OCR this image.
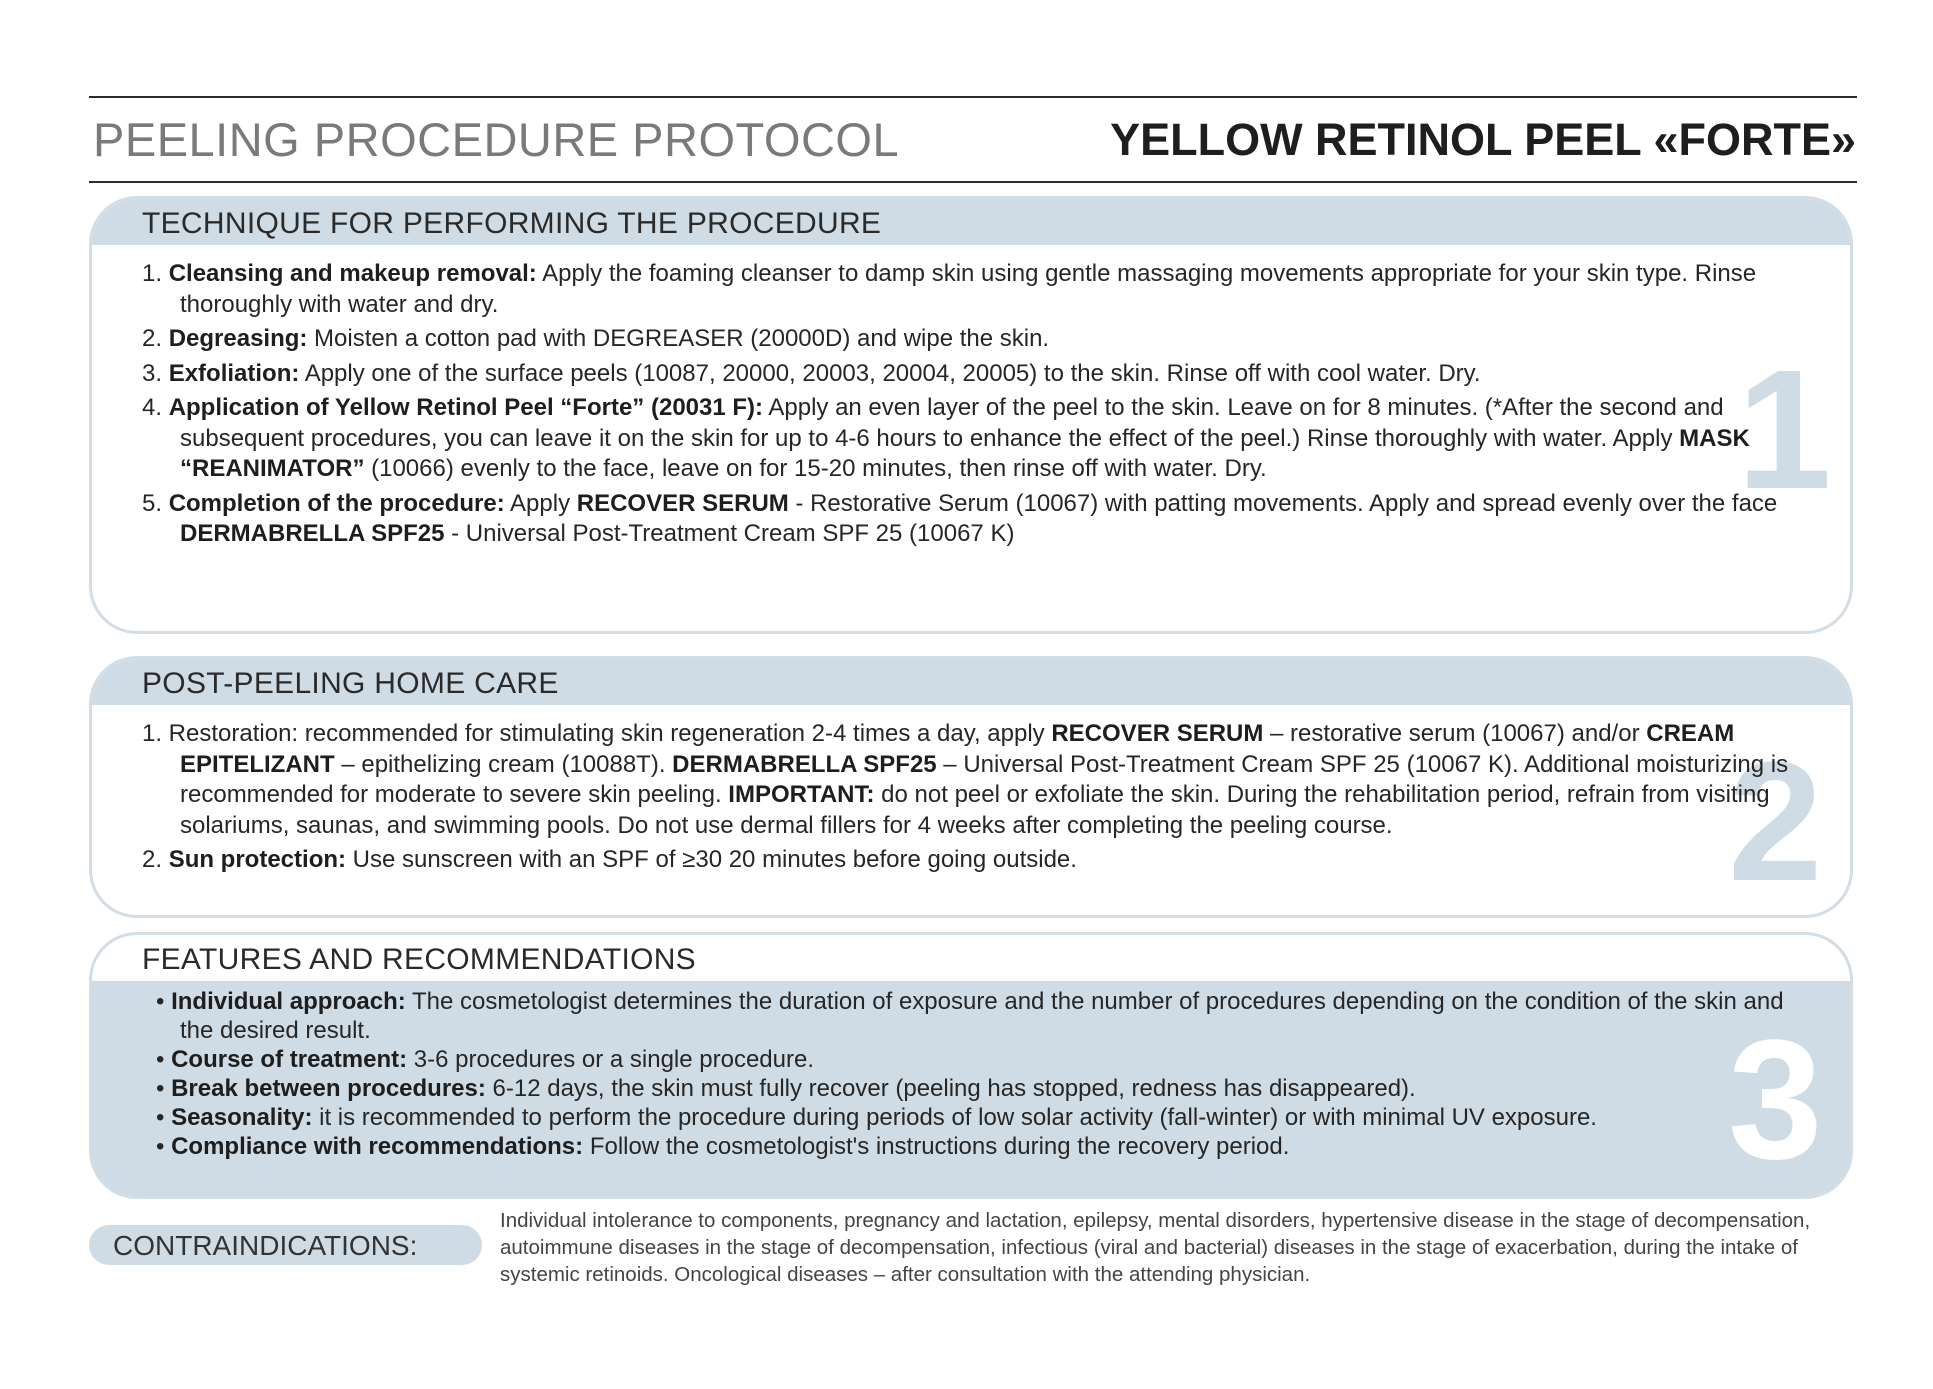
PEELING PROCEDURE PROTOCOL	YELLOW RETINOL PEEL «FORTE»
TECHNIQUE FOR PERFORMING THE PROCEDURE
1
1. Cleansing and makeup removal: Apply the foaming cleanser to damp skin using gentle massaging movements appropriate for your skin type. Rinse thoroughly with water and dry.
2. Degreasing: Moisten a cotton pad with DEGREASER (20000D) and wipe the skin.
3. Exfoliation: Apply one of the surface peels (10087, 20000, 20003, 20004, 20005) to the skin. Rinse off with cool water. Dry.
4. Application of Yellow Retinol Peel “Forte” (20031 F): Apply an even layer of the peel to the skin. Leave on for 8 minutes. (*After the second and subsequent procedures, you can leave it on the skin for up to 4-6 hours to enhance the effect of the peel.) Rinse thoroughly with water. Apply MASK “REANIMATOR” (10066) evenly to the face, leave on for 15-20 minutes, then rinse off with water. Dry.
5. Completion of the procedure: Apply RECOVER SERUM - Restorative Serum (10067) with patting movements. Apply and spread evenly over the face DERMABRELLA SPF25 - Universal Post-Treatment Cream SPF 25 (10067 K)
POST-PEELING HOME CARE
2
1. Restoration: recommended for stimulating skin regeneration 2-4 times a day, apply RECOVER SERUM – restorative serum (10067) and/or CREAM EPITELIZANT – epithelizing cream (10088T). DERMABRELLA SPF25 – Universal Post-Treatment Cream SPF 25 (10067 K). Additional moisturizing is recommended for moderate to severe skin peeling. IMPORTANT: do not peel or exfoliate the skin. During the rehabilitation period, refrain from visiting solariums, saunas, and swimming pools. Do not use dermal fillers for 4 weeks after completing the peeling course.
2. Sun protection: Use sunscreen with an SPF of ≥30 20 minutes before going outside.
FEATURES AND RECOMMENDATIONS
3
• Individual approach: The cosmetologist determines the duration of exposure and the number of procedures depending on the condition of the skin and the desired result.
• Course of treatment: 3-6 procedures or a single procedure.
• Break between procedures: 6-12 days, the skin must fully recover (peeling has stopped, redness has disappeared).
• Seasonality: it is recommended to perform the procedure during periods of low solar activity (fall-winter) or with minimal UV exposure.
• Compliance with recommendations: Follow the cosmetologist's instructions during the recovery period.
CONTRAINDICATIONS:
Individual intolerance to components, pregnancy and lactation, epilepsy, mental disorders, hypertensive disease in the stage of decompensation, autoimmune diseases in the stage of decompensation, infectious (viral and bacterial) diseases in the stage of exacerbation, during the intake of systemic retinoids. Oncological diseases – after consultation with the attending physician.
